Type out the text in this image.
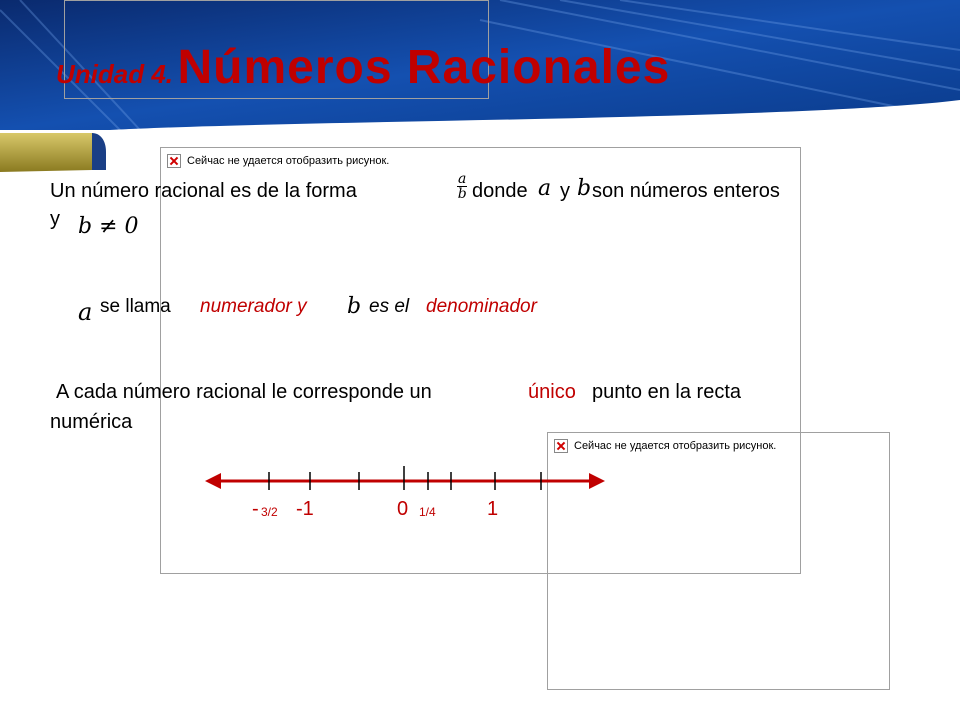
Сейчас не удается отобразить рисунок.
Сейчас не удается отобразить рисунок.
Unidad 4. Números Racionales
Un número racional es de la forma	$\frac{a}{b}$ donde a y b son números enteros
y b ≠ 0
a se llama numerador y b es el denominador
A cada número racional le corresponde un	único punto en la recta
numérica
- 3/2 -1	0 1/4	1
